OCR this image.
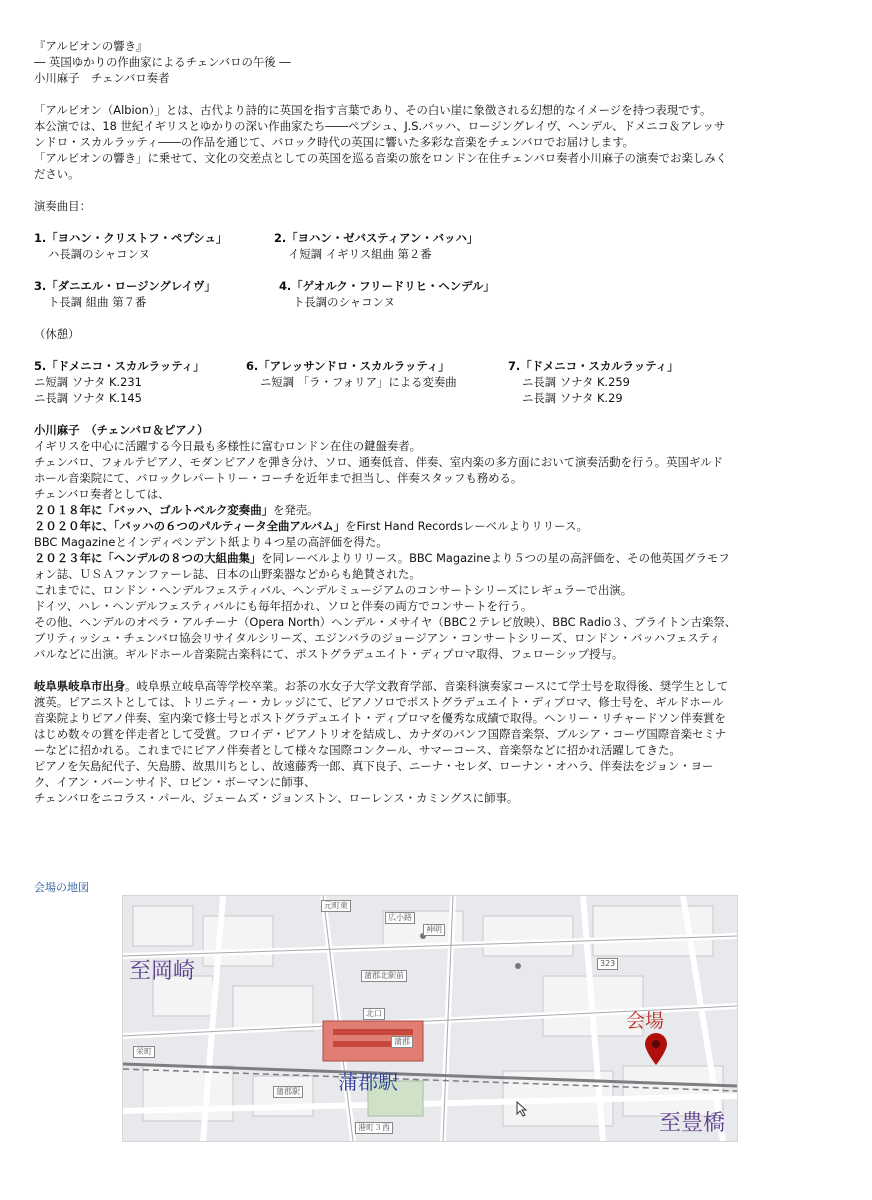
『アルビオンの響き』

― 英国ゆかりの作曲家によるチェンバロの午後 ―

小川麻子　チェンバロ奏者

「アルビオン（Albion）」とは、古代より詩的に英国を指す言葉であり、その白い崖に象徴される幻想的なイメージを持つ表現です。

本公演では、18 世紀イギリスとゆかりの深い作曲家たち――ペプシュ、J.S.バッハ、ロージングレイヴ、ヘンデル、ドメニコ＆アレッサ

ンドロ・スカルラッティ――の作品を通じて、バロック時代の英国に響いた多彩な音楽をチェンバロでお届けします。

「アルビオンの響き」に乗せて、文化の交差点としての英国を巡る音楽の旅をロンドン在住チェンバロ奏者小川麻子の演奏でお楽しみく

ださい。

演奏曲目：

1.「ヨハン・クリストフ・ペプシュ」

ハ長調のシャコンヌ

2.「ヨハン・ゼバスティアン・バッハ」

イ短調 イギリス組曲 第２番

3.「ダニエル・ロージングレイヴ」

ト長調 組曲 第７番

4.「ゲオルク・フリードリヒ・ヘンデル」

ト長調のシャコンヌ

（休憩）

5.「ドメニコ・スカルラッティ」

ニ短調 ソナタ K.231

ニ長調 ソナタ K.145

6.「アレッサンドロ・スカルラッティ」

ニ短調 「ラ・フォリア」による変奏曲

7.「ドメニコ・スカルラッティ」

ニ長調 ソナタ K.259

ニ長調 ソナタ K.29

小川麻子　（チェンバロ＆ピアノ）

イギリスを中心に活躍する今日最も多様性に富むロンドン在住の鍵盤奏者。

チェンバロ、フォルテピアノ、モダンピアノを弾き分け、ソロ、通奏低音、伴奏、室内楽の多方面において演奏活動を行う。英国ギルド

ホール音楽院にて、バロックレパートリー・コーチを近年まで担当し、伴奏スタッフも務める。

チェンバロ奏者としては、

２０１８年に「バッハ、ゴルトベルク変奏曲」を発売。

２０２０年に、「バッハの６つのパルティータ全曲アルバム」をFirst Hand Recordsレーベルよりリリース。

BBC Magazineとインディペンデント紙より４つ星の高評価を得た。

２０２３年に「ヘンデルの８つの大組曲集」を同レーベルよりリリース。BBC Magazineより５つの星の高評価を、その他英国グラモフ

ォン誌、ＵＳＡファンファーレ誌、日本の山野楽器などからも絶賛された。

これまでに、ロンドン・ヘンデルフェスティバル、ヘンデルミュージアムのコンサートシリーズにレギュラーで出演。

ドイツ、ハレ・ヘンデルフェスティバルにも毎年招かれ、ソロと伴奏の両方でコンサートを行う。

その他、ヘンデルのオペラ・アルチーナ（Opera North）ヘンデル・メサイヤ（BBC２テレビ放映）、BBC Radio３、ブライトン古楽祭、

ブリティッシュ・チェンバロ協会リサイタルシリーズ、エジンバラのジョージアン・コンサートシリーズ、ロンドン・バッハフェスティ

バルなどに出演。ギルドホール音楽院古楽科にて、ポストグラデュエイト・ディプロマ取得、フェローシップ授与。

岐阜県岐阜市出身。岐阜県立岐阜高等学校卒業。お茶の水女子大学文教育学部、音楽科演奏家コースにて学士号を取得後、奨学生として

渡英。ピアニストとしては、トリニティー・カレッジにて、ピアノソロでポストグラデュエイト・ディプロマ、修士号を、ギルドホール

音楽院よりピアノ伴奏、室内楽で修士号とポストグラデュエイト・ディプロマを優秀な成績で取得。ヘンリー・リチャードソン伴奏賞を

はじめ数々の賞を伴走者として受賞。フロイデ・ピアノトリオを結成し、カナダのバンフ国際音楽祭、ブルシア・コーヴ国際音楽セミナ

ーなどに招かれる。これまでにピアノ伴奏者として様々な国際コンクール、サマーコース、音楽祭などに招かれ活躍してきた。

ピアノを矢島紀代子、矢島勝、故黒川ちとし、故遠藤秀一郎、真下良子、ニーナ・セレダ、ローナン・オハラ、伴奏法をジョン・ヨー

ク、イアン・バーンサイド、ロビン・ボーマンに師事、

チェンバロをニコラス・パール、ジェームズ・ジョンストン、ローレンス・カミングスに師事。

会場の地図
至岡崎
至豊橋
会場
蒲郡駅
元町東
広小路
神明
蒲郡北駅前
北口
蒲郡
栄町
蒲郡駅
港町３西
323
